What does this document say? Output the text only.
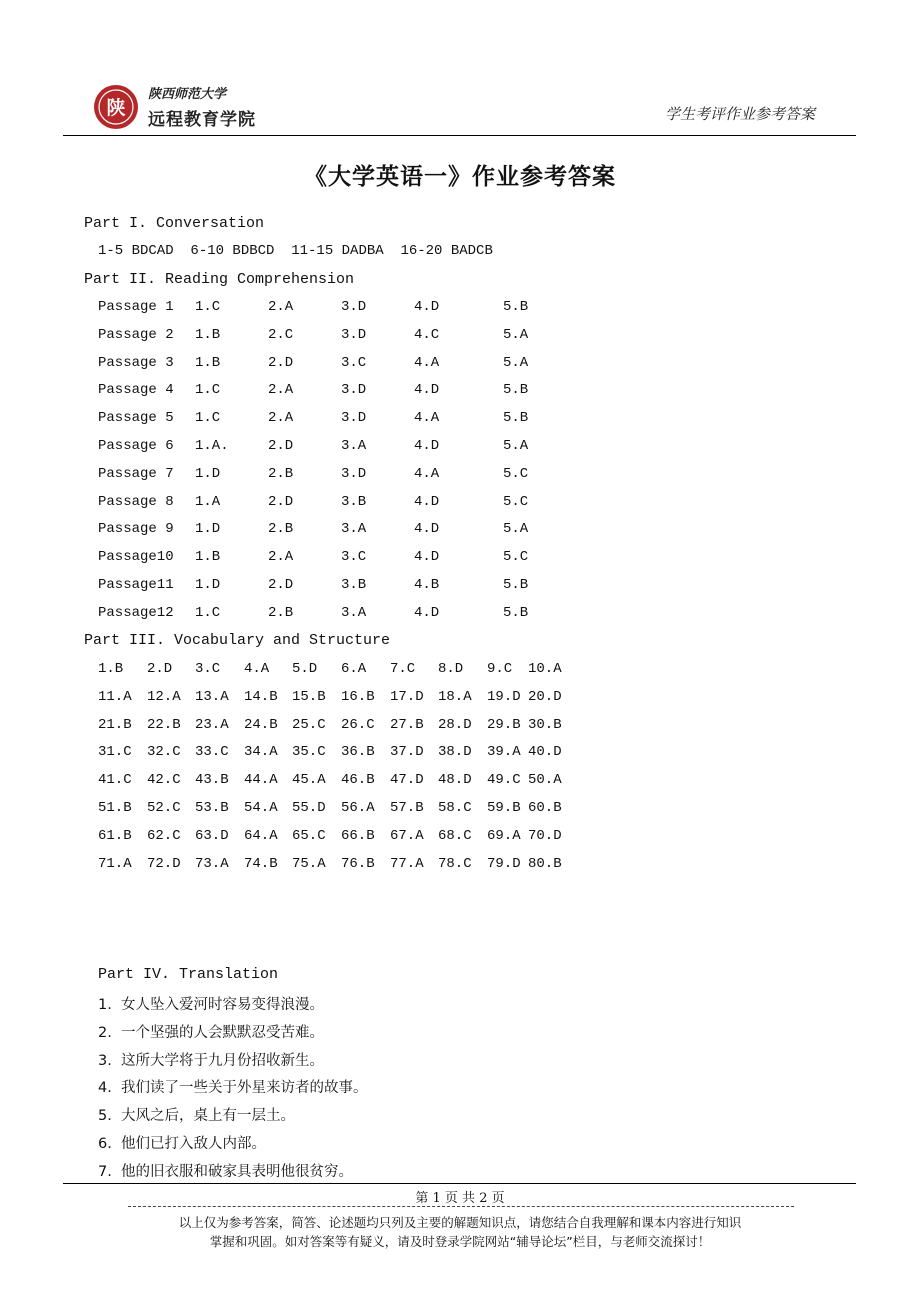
陕
陕西师范大学
远程教育学院	学生考评作业参考答案
《大学英语一》作业参考答案
Part I. Conversation
1-5 BDCAD  6-10 BDBCD  11-15 DADBA  16-20 BADCB
Part II. Reading Comprehension
Passage 1 1.C	2.A	3.D	4.D	5.B
Passage 2 1.B	2.C	3.D	4.C	5.A
Passage 3 1.B	2.D	3.C	4.A	5.A
Passage 4 1.C	2.A	3.D	4.D	5.B
Passage 5 1.C	2.A	3.D	4.A	5.B
Passage 6 1.A.	2.D	3.A	4.D	5.A
Passage 7 1.D	2.B	3.D	4.A	5.C
Passage 8 1.A	2.D	3.B	4.D	5.C
Passage 9 1.D	2.B	3.A	4.D	5.A
Passage10 1.B	2.A	3.C	4.D	5.C
Passage11 1.D	2.D	3.B	4.B	5.B
Passage12 1.C	2.B	3.A	4.D	5.B
Part III. Vocabulary and Structure
1.B 2.D 3.C 4.A 5.D 6.A 7.C 8.D 9.C 10.A
11.A 12.A 13.A 14.B 15.B 16.B 17.D 18.A 19.D 20.D
21.B 22.B 23.A 24.B 25.C 26.C 27.B 28.D 29.B 30.B
31.C 32.C 33.C 34.A 35.C 36.B 37.D 38.D 39.A 40.D
41.C 42.C 43.B 44.A 45.A 46.B 47.D 48.D 49.C 50.A
51.B 52.C 53.B 54.A 55.D 56.A 57.B 58.C 59.B 60.B
61.B 62.C 63.D 64.A 65.C 66.B 67.A 68.C 69.A 70.D
71.A 72.D 73.A 74.B 75.A 76.B 77.A 78.C 79.D 80.B
Part IV. Translation
1.  女人坠入爱河时容易变得浪漫。
2.  一个坚强的人会默默忍受苦难。
3.  这所大学将于九月份招收新生。
4.  我们读了一些关于外星来访者的故事。
5.  大风之后，桌上有一层土。
6.  他们已打入敌人内部。
7.  他的旧衣服和破家具表明他很贫穷。
第 1 页 共 2 页
以上仅为参考答案，简答、论述题均只列及主要的解题知识点，请您结合自我理解和课本内容进行知识
掌握和巩固。如对答案等有疑义，请及时登录学院网站“辅导论坛”栏目，与老师交流探讨！
